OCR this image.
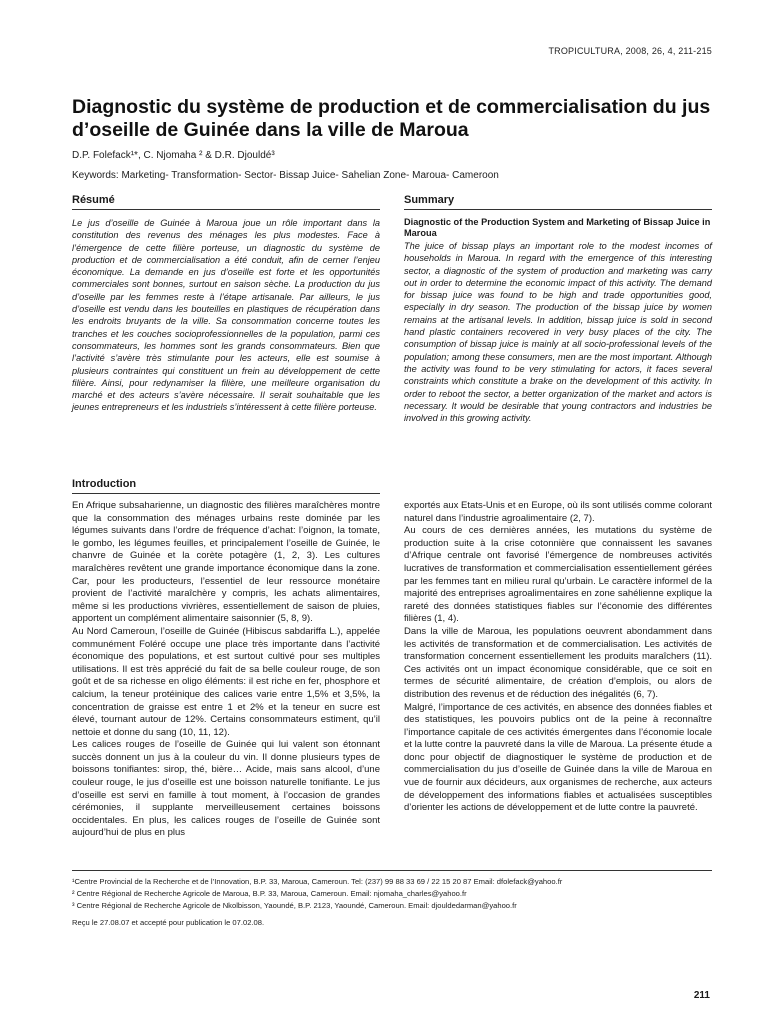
TROPICULTURA, 2008, 26, 4, 211-215
Diagnostic du système de production et de commercialisation du jus d’oseille de Guinée dans la ville de Maroua
D.P. Folefack¹*, C. Njomaha ² & D.R. Djouldé³
Keywords: Marketing- Transformation- Sector- Bissap Juice- Sahelian Zone- Maroua- Cameroon
Résumé

Le jus d’oseille de Guinée à Maroua joue un rôle important dans la constitution des revenus des ménages les plus modestes. Face à l’émergence de cette filière porteuse, un diagnostic du système de production et de commercialisation a été conduit, afin de cerner l’enjeu économique. La demande en jus d’oseille est forte et les opportunités commerciales sont bonnes, surtout en saison sèche. La production du jus d’oseille par les femmes reste à l’étape artisanale. Par ailleurs, le jus d’oseille est vendu dans les bouteilles en plastiques de récupération dans les endroits bruyants de la ville. Sa consommation concerne toutes les tranches et les couches socioprofessionnelles de la population, parmi ces consommateurs, les hommes sont les grands consommateurs. Bien que l’activité s’avère très stimulante pour les acteurs, elle est soumise à plusieurs contraintes qui constituent un frein au développement de cette filière. Ainsi, pour redynamiser la filière, une meilleure organisation du marché et des acteurs s’avère nécessaire. Il serait souhaitable que les jeunes entrepreneurs et les industriels s’intéressent à cette filière porteuse.

Summary
Diagnostic of the Production System and Marketing of Bissap Juice in Maroua

The juice of bissap plays an important role to the modest incomes of households in Maroua. In regard with the emergence of this interesting sector, a diagnostic of the system of production and marketing was carry out in order to determine the economic impact of this activity. The demand for bissap juice was found to be high and trade opportunities good, especially in dry season. The production of the bissap juice by women remains at the artisanal levels. In addition, bissap juice is sold in second hand plastic containers recovered in very busy places of the city. The consumption of bissap juice is mainly at all socio-professional levels of the population; among these consumers, men are the most important. Although the activity was found to be very stimulating for actors, it faces several constraints which constitute a brake on the development of this activity. In order to reboot the sector, a better organization of the market and actors is necessary. It would be desirable that young contractors and industries be involved in this growing activity.

Introduction

En Afrique subsaharienne, un diagnostic des filières maraîchères montre que la consommation des ménages urbains reste dominée par les légumes suivants dans l’ordre de fréquence d’achat: l’oignon, la tomate, le gombo, les légumes feuilles, et principalement l’oseille de Guinée, le chanvre de Guinée et la corète potagère (1, 2, 3). Les cultures maraîchères revêtent une grande importance économique dans la zone. Car, pour les producteurs, l’essentiel de leur ressource monétaire provient de l’activité maraîchère y compris, les achats alimentaires, même si les productions vivrières, essentiellement de saison de pluies, apportent un complément alimentaire saisonnier (5, 8, 9).

Au Nord Cameroun, l’oseille de Guinée (Hibiscus sabdariffa L.), appelée communément Foléré occupe une place très importante dans l’activité économique des populations, et est surtout cultivé pour ses multiples utilisations. Il est très apprécié du fait de sa belle couleur rouge, de son goût et de sa richesse en oligo éléments: il est riche en fer, phosphore et calcium, la teneur protéinique des calices varie entre 1,5% et 3,5%, la concentration de graisse est entre 1 et 2% et la teneur en sucre est élevé, tournant autour de 12%. Certains consommateurs estiment, qu’il nettoie et donne du sang (10, 11, 12).

Les calices rouges de l’oseille de Guinée qui lui valent son étonnant succès donnent un jus à la couleur du vin. Il donne plusieurs types de boissons tonifiantes: sirop, thé, bière… Acide, mais sans alcool, d’une couleur rouge, le jus d’oseille est une boisson naturelle tonifiante. Le jus d’oseille est servi en famille à tout moment, à l’occasion de grandes cérémonies, il supplante merveilleusement certaines boissons occidentales. En plus, les calices rouges de l’oseille de Guinée sont aujourd’hui de plus en plus

exportés aux Etats-Unis et en Europe, où ils sont utilisés comme colorant naturel dans l’industrie agroalimentaire (2, 7).

Au cours de ces dernières années, les mutations du système de production suite à la crise cotonnière que connaissent les savanes d’Afrique centrale ont favorisé l’émergence de nombreuses activités lucratives de transformation et commercialisation essentiellement gérées par les femmes tant en milieu rural qu’urbain. Le caractère informel de la majorité des entreprises agroalimentaires en zone sahélienne explique la rareté des données statistiques fiables sur l’économie des différentes filières (1, 4).

Dans la ville de Maroua, les populations oeuvrent abondamment dans les activités de transformation et de commercialisation. Les activités de transformation concernent essentiellement les produits maraîchers (11). Ces activités ont un impact économique considérable, que ce soit en termes de sécurité alimentaire, de création d’emplois, ou alors de distribution des revenus et de réduction des inégalités (6, 7).

Malgré, l’importance de ces activités, en absence des données fiables et des statistiques, les pouvoirs publics ont de la peine à reconnaître l’importance capitale de ces activités émergentes dans l’économie locale et la lutte contre la pauvreté dans la ville de Maroua. La présente étude a donc pour objectif de diagnostiquer le système de production et de commercialisation du jus d’oseille de Guinée dans la ville de Maroua en vue de fournir aux décideurs, aux organismes de recherche, aux acteurs de développement des informations fiables et actualisées susceptibles d’orienter les actions de développement et de lutte contre la pauvreté.

¹Centre Provincial de la Recherche et de l’Innovation, B.P. 33, Maroua, Cameroun. Tel: (237) 99 88 33 69 / 22 15 20 87 Email: dfolefack@yahoo.fr

² Centre Régional de Recherche Agricole de Maroua, B.P. 33, Maroua, Cameroun. Email: njomaha_charles@yahoo.fr

³ Centre Régional de Recherche Agricole de Nkolbisson, Yaoundé, B.P. 2123, Yaoundé, Cameroun. Email: djouldedarman@yahoo.fr

Reçu le 27.08.07 et accepté pour publication le 07.02.08.

211
